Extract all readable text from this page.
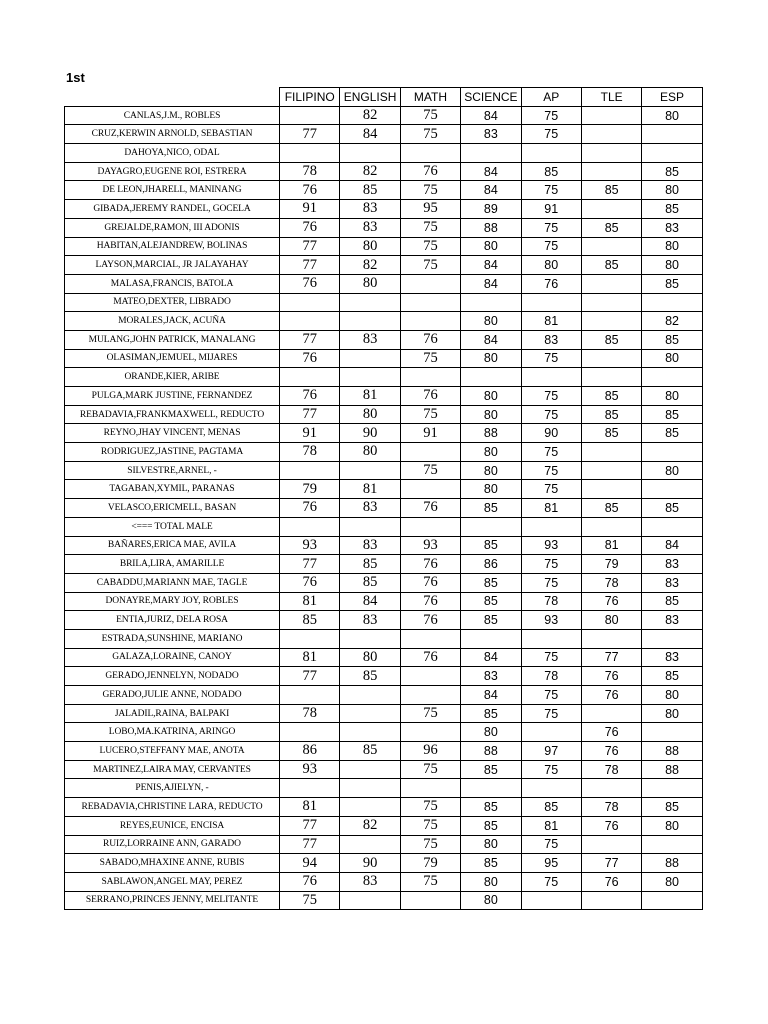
1st
	FILIPINO	ENGLISH	MATH	SCIENCE	AP	TLE	ESP
CANLAS,J.M., ROBLES		82	75	84	75		80
CRUZ,KERWIN ARNOLD, SEBASTIAN	77	84	75	83	75		
DAHOYA,NICO, ODAL							
DAYAGRO,EUGENE ROI, ESTRERA	78	82	76	84	85		85
DE LEON,JHARELL, MANINANG	76	85	75	84	75	85	80
GIBADA,JEREMY RANDEL, GOCELA	91	83	95	89	91		85
GREJALDE,RAMON, III ADONIS	76	83	75	88	75	85	83
HABITAN,ALEJANDREW, BOLINAS	77	80	75	80	75		80
LAYSON,MARCIAL, JR JALAYAHAY	77	82	75	84	80	85	80
MALASA,FRANCIS, BATOLA	76	80		84	76		85
MATEO,DEXTER, LIBRADO							
MORALES,JACK, ACUÑA				80	81		82
MULANG,JOHN PATRICK, MANALANG	77	83	76	84	83	85	85
OLASIMAN,JEMUEL, MIJARES	76		75	80	75		80
ORANDE,KIER, ARIBE							
PULGA,MARK JUSTINE, FERNANDEZ	76	81	76	80	75	85	80
REBADAVIA,FRANKMAXWELL, REDUCTO	77	80	75	80	75	85	85
REYNO,JHAY VINCENT, MENAS	91	90	91	88	90	85	85
RODRIGUEZ,JASTINE, PAGTAMA	78	80		80	75		
SILVESTRE,ARNEL, -			75	80	75		80
TAGABAN,XYMIL, PARANAS	79	81		80	75		
VELASCO,ERICMELL, BASAN	76	83	76	85	81	85	85
<=== TOTAL MALE							
BAÑARES,ERICA MAE, AVILA	93	83	93	85	93	81	84
BRILA,LIRA, AMARILLE	77	85	76	86	75	79	83
CABADDU,MARIANN MAE, TAGLE	76	85	76	85	75	78	83
DONAYRE,MARY JOY, ROBLES	81	84	76	85	78	76	85
ENTIA,JURIZ, DELA ROSA	85	83	76	85	93	80	83
ESTRADA,SUNSHINE, MARIANO							
GALAZA,LORAINE, CANOY	81	80	76	84	75	77	83
GERADO,JENNELYN, NODADO	77	85		83	78	76	85
GERADO,JULIE ANNE, NODADO				84	75	76	80
JALADIL,RAINA, BALPAKI	78		75	85	75		80
LOBO,MA.KATRINA, ARINGO				80		76	
LUCERO,STEFFANY MAE, ANOTA	86	85	96	88	97	76	88
MARTINEZ,LAIRA MAY, CERVANTES	93		75	85	75	78	88
PENIS,AJIELYN, -							
REBADAVIA,CHRISTINE LARA, REDUCTO	81		75	85	85	78	85
REYES,EUNICE, ENCISA	77	82	75	85	81	76	80
RUIZ,LORRAINE ANN, GARADO	77		75	80	75		
SABADO,MHAXINE ANNE, RUBIS	94	90	79	85	95	77	88
SABLAWON,ANGEL MAY, PEREZ	76	83	75	80	75	76	80
SERRANO,PRINCES JENNY, MELITANTE	75			80			
